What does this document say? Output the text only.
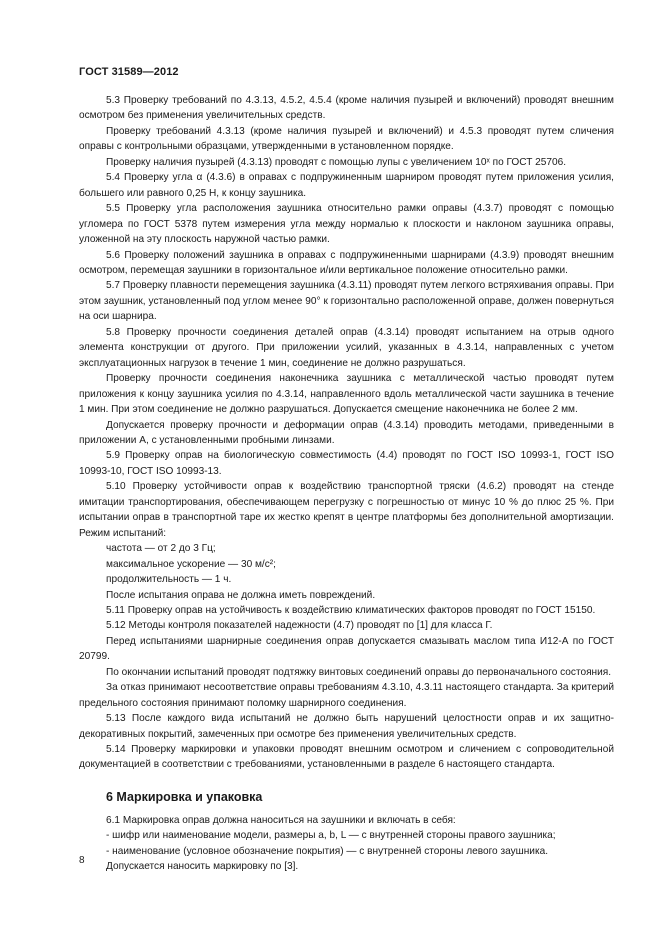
ГОСТ 31589—2012

5.3 Проверку требований по 4.3.13, 4.5.2, 4.5.4 (кроме наличия пузырей и включений) проводят внешним осмотром без применения увеличительных средств.

Проверку требований 4.3.13 (кроме наличия пузырей и включений) и 4.5.3 проводят путем сличения оправы с контрольными образцами, утвержденными в установленном порядке.

Проверку наличия пузырей (4.3.13) проводят с помощью лупы с увеличением 10ˣ по ГОСТ 25706.

5.4 Проверку угла α (4.3.6) в оправах с подпружиненным шарниром проводят путем приложения усилия, большего или равного 0,25 Н, к концу заушника.

5.5 Проверку угла расположения заушника относительно рамки оправы (4.3.7) проводят с помощью угломера по ГОСТ 5378 путем измерения угла между нормалью к плоскости и наклоном заушника оправы, уложенной на эту плоскость наружной частью рамки.

5.6 Проверку положений заушника в оправах с подпружиненными шарнирами (4.3.9) проводят внешним осмотром, перемещая заушники в горизонтальное и/или вертикальное положение относительно рамки.

5.7 Проверку плавности перемещения заушника (4.3.11) проводят путем легкого встряхивания оправы. При этом заушник, установленный под углом менее 90° к горизонтально расположенной оправе, должен повернуться на оси шарнира.

5.8 Проверку прочности соединения деталей оправ (4.3.14) проводят испытанием на отрыв одного элемента конструкции от другого. При приложении усилий, указанных в 4.3.14, направленных с учетом эксплуатационных нагрузок в течение 1 мин, соединение не должно разрушаться.

Проверку прочности соединения наконечника заушника с металлической частью проводят путем приложения к концу заушника усилия по 4.3.14, направленного вдоль металлической части заушника в течение 1 мин. При этом соединение не должно разрушаться. Допускается смещение наконечника не более 2 мм.

Допускается проверку прочности и деформации оправ (4.3.14) проводить методами, приведенными в приложении А, с установленными пробными линзами.

5.9 Проверку оправ на биологическую совместимость (4.4) проводят по ГОСТ ISO 10993-1, ГОСТ ISO 10993-10, ГОСТ ISO 10993-13.

5.10 Проверку устойчивости оправ к воздействию транспортной тряски (4.6.2) проводят на стенде имитации транспортирования, обеспечивающем перегрузку с погрешностью от минус 10 % до плюс 25 %. При испытании оправ в транспортной таре их жестко крепят в центре платформы без дополнительной амортизации. Режим испытаний:

частота — от 2 до 3 Гц;

максимальное ускорение — 30 м/с²;

продолжительность — 1 ч.

После испытания оправа не должна иметь повреждений.

5.11 Проверку оправ на устойчивость к воздействию климатических факторов проводят по ГОСТ 15150.

5.12 Методы контроля показателей надежности (4.7) проводят по [1] для класса Г.

Перед испытаниями шарнирные соединения оправ допускается смазывать маслом типа И12-А по ГОСТ 20799.

По окончании испытаний проводят подтяжку винтовых соединений оправы до первоначального состояния.

За отказ принимают несоответствие оправы требованиям 4.3.10, 4.3.11 настоящего стандарта. За критерий предельного состояния принимают поломку шарнирного соединения.

5.13 После каждого вида испытаний не должно быть нарушений целостности оправ и их защитно-декоративных покрытий, замеченных при осмотре без применения увеличительных средств.

5.14 Проверку маркировки и упаковки проводят внешним осмотром и сличением с сопроводительной документацией в соответствии с требованиями, установленными в разделе 6 настоящего стандарта.

6 Маркировка и упаковка

6.1 Маркировка оправ должна наноситься на заушники и включать в себя:

- шифр или наименование модели, размеры a, b, L — с внутренней стороны правого заушника;

- наименование (условное обозначение покрытия) — с внутренней стороны левого заушника.

Допускается наносить маркировку по [3].

8
